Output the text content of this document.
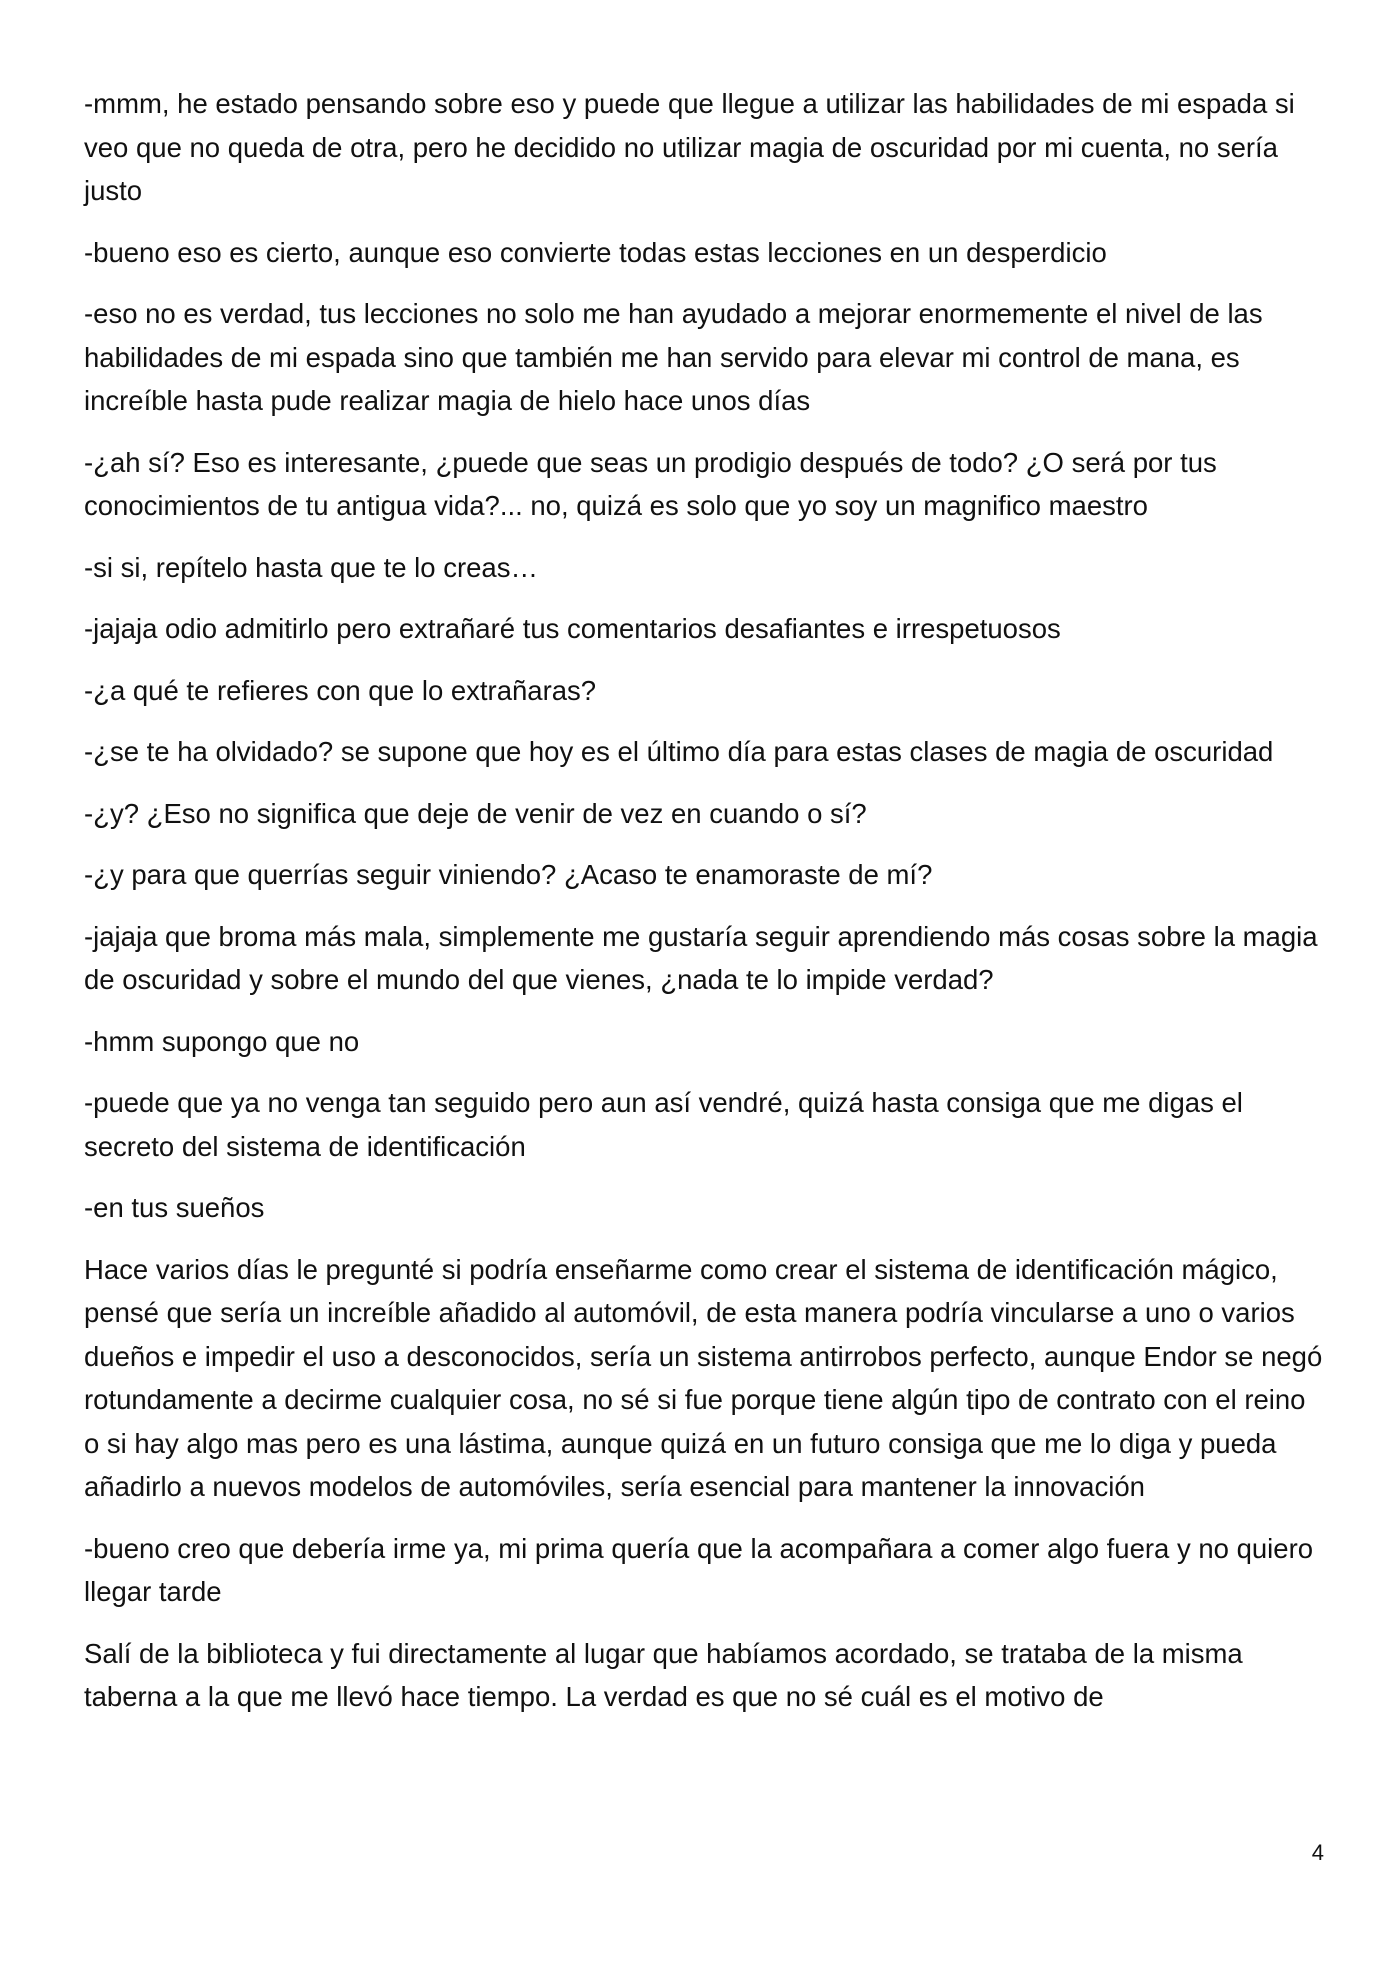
-mmm, he estado pensando sobre eso y puede que llegue a utilizar las habilidades de mi espada si veo que no queda de otra, pero he decidido no utilizar magia de oscuridad por mi cuenta, no sería justo

-bueno eso es cierto, aunque eso convierte todas estas lecciones en un desperdicio

-eso no es verdad, tus lecciones no solo me han ayudado a mejorar enormemente el nivel de las habilidades de mi espada sino que también me han servido para elevar mi control de mana, es increíble hasta pude realizar magia de hielo hace unos días

-¿ah sí? Eso es interesante, ¿puede que seas un prodigio después de todo? ¿O será por tus conocimientos de tu antigua vida?... no, quizá es solo que yo soy un magnifico maestro

-si si, repítelo hasta que te lo creas…

-jajaja odio admitirlo pero extrañaré tus comentarios desafiantes e irrespetuosos

-¿a qué te refieres con que lo extrañaras?

-¿se te ha olvidado? se supone que hoy es el último día para estas clases de magia de oscuridad

-¿y? ¿Eso no significa que deje de venir de vez en cuando o sí?

-¿y para que querrías seguir viniendo? ¿Acaso te enamoraste de mí?

-jajaja que broma más mala, simplemente me gustaría seguir aprendiendo más cosas sobre la magia de oscuridad y sobre el mundo del que vienes, ¿nada te lo impide verdad?

-hmm supongo que no

-puede que ya no venga tan seguido pero aun así vendré, quizá hasta consiga que me digas el secreto del sistema de identificación

-en tus sueños

Hace varios días le pregunté si podría enseñarme como crear el sistema de identificación mágico, pensé que sería un increíble añadido al automóvil, de esta manera podría vincularse a uno o varios dueños e impedir el uso a desconocidos, sería un sistema antirrobos perfecto, aunque Endor se negó rotundamente a decirme cualquier cosa, no sé si fue porque tiene algún tipo de contrato con el reino o si hay algo mas pero es una lástima, aunque quizá en un futuro consiga que me lo diga y pueda añadirlo a nuevos modelos de automóviles, sería esencial para mantener la innovación

-bueno creo que debería irme ya, mi prima quería que la acompañara a comer algo fuera y no quiero llegar tarde

Salí de la biblioteca y fui directamente al lugar que habíamos acordado, se trataba de la misma taberna a la que me llevó hace tiempo. La verdad es que no sé cuál es el motivo de

4
